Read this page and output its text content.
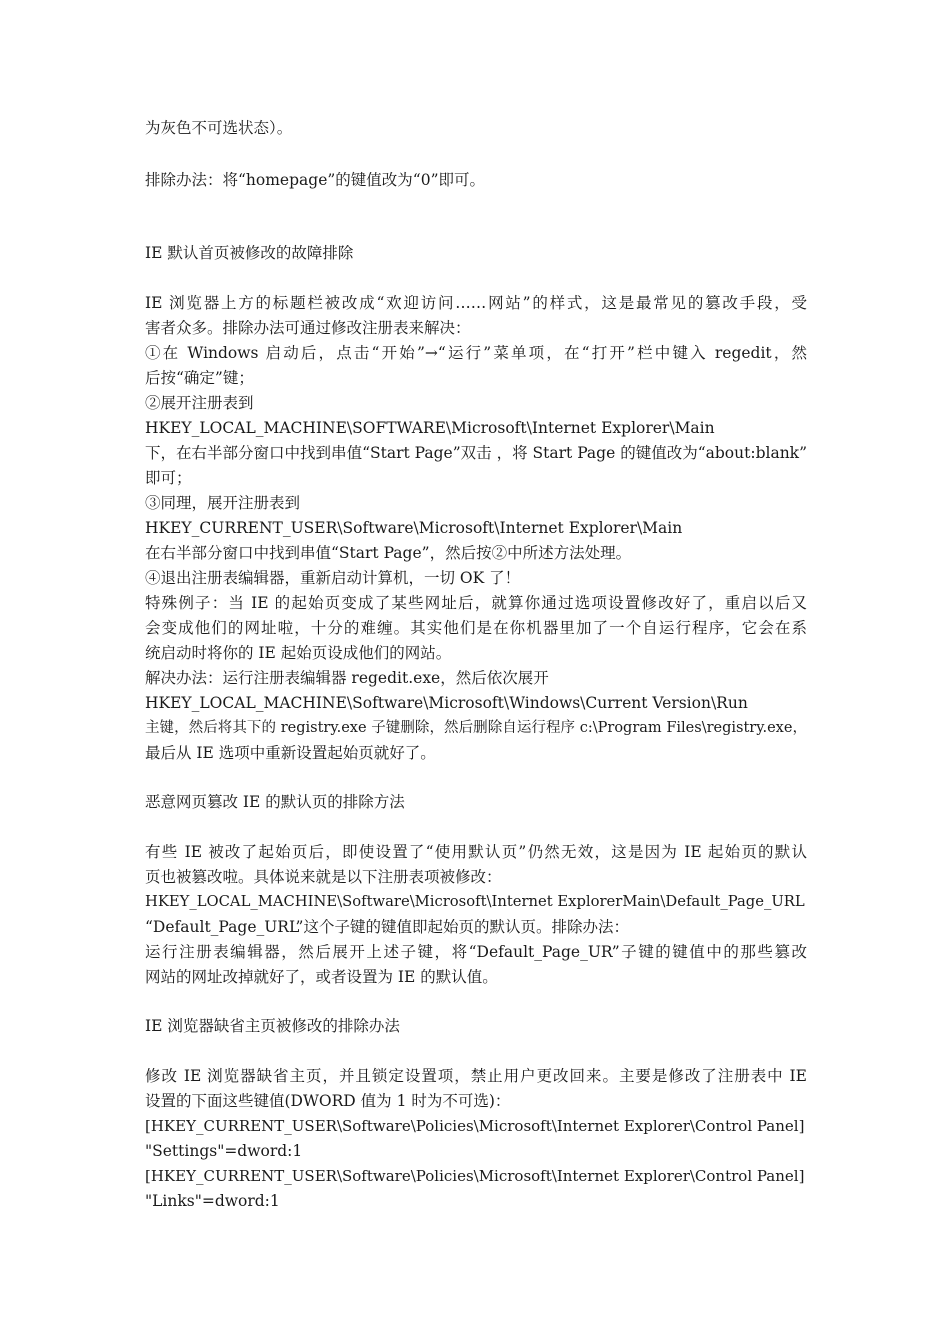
为灰色不可选状态）。
排除办法：将“homepage”的键值改为“0”即可。
IE 默认首页被修改的故障排除
IE 浏览器上方的标题栏被改成“欢迎访问……网站”的样式，这是最常见的篡改手段，受
害者众多。排除办法可通过修改注册表来解决：
①在 Windows 启动后，点击“开始”→“运行”菜单项，在“打开”栏中键入 regedit，然
后按“确定”键；
②展开注册表到
HKEY_LOCAL_MACHINE\SOFTWARE\Microsoft\Internet Explorer\Main
下，在右半部分窗口中找到串值“Start Page”双击 ，将 Start Page 的键值改为“about:blank”
即可；
③同理，展开注册表到
HKEY_CURRENT_USER\Software\Microsoft\Internet Explorer\Main
在右半部分窗口中找到串值“Start Page”，然后按②中所述方法处理。
④退出注册表编辑器，重新启动计算机，一切 OK 了！
特殊例子：当 IE 的起始页变成了某些网址后，就算你通过选项设置修改好了，重启以后又
会变成他们的网址啦，十分的难缠。其实他们是在你机器里加了一个自运行程序，它会在系
统启动时将你的 IE 起始页设成他们的网站。
解决办法：运行注册表编辑器 regedit.exe，然后依次展开
HKEY_LOCAL_MACHINE\Software\Microsoft\Windows\Current Version\Run
主键，然后将其下的 registry.exe 子键删除，然后删除自运行程序 c:\Program Files\registry.exe，
最后从 IE 选项中重新设置起始页就好了。
恶意网页篡改 IE 的默认页的排除方法
有些 IE 被改了起始页后，即使设置了“使用默认页”仍然无效，这是因为 IE 起始页的默认
页也被篡改啦。具体说来就是以下注册表项被修改：
HKEY_LOCAL_MACHINE\Software\Microsoft\Internet ExplorerMain\Default_Page_URL
“Default_Page_URL”这个子键的键值即起始页的默认页。排除办法：
运行注册表编辑器，然后展开上述子键，将“Default_Page_UR”子键的键值中的那些篡改
网站的网址改掉就好了，或者设置为 IE 的默认值。
IE 浏览器缺省主页被修改的排除办法
修改 IE 浏览器缺省主页，并且锁定设置项，禁止用户更改回来。主要是修改了注册表中 IE
设置的下面这些键值(DWORD 值为 1 时为不可选)：
[HKEY_CURRENT_USER\Software\Policies\Microsoft\Internet Explorer\Control Panel]
"Settings"=dword:1
[HKEY_CURRENT_USER\Software\Policies\Microsoft\Internet Explorer\Control Panel]
"Links"=dword:1
